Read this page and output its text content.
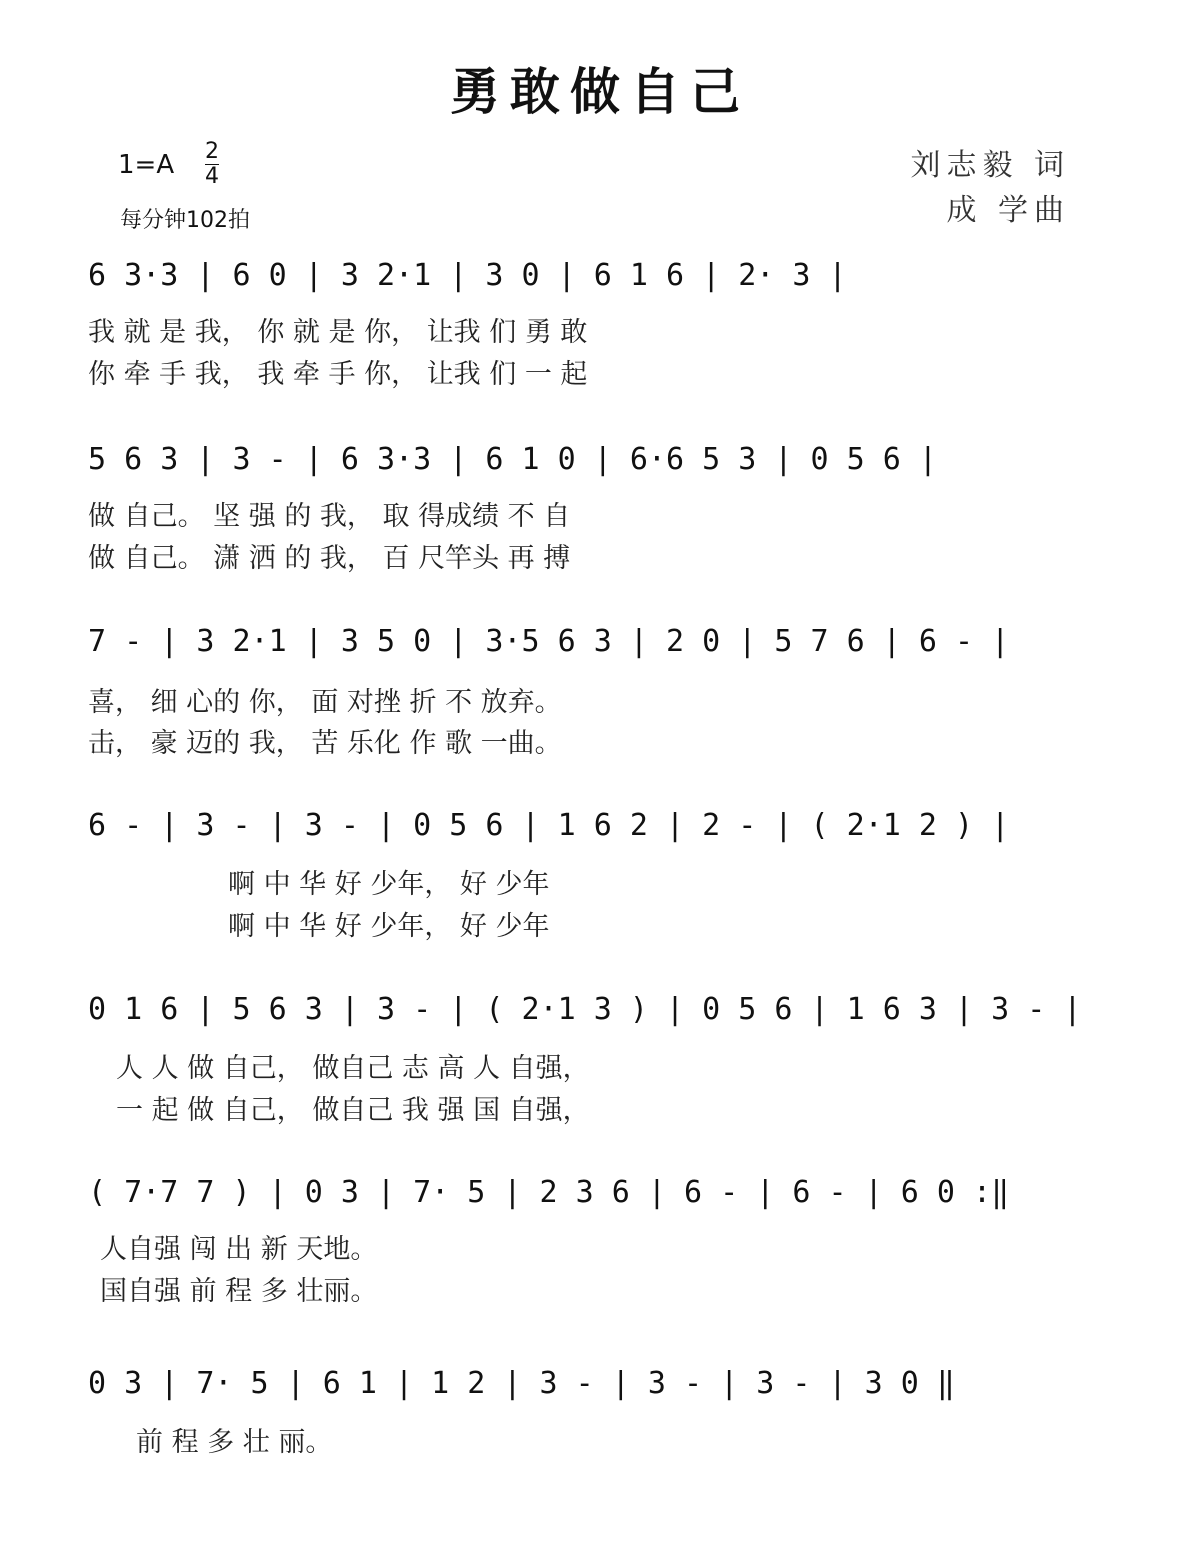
勇敢做自己
1=A 2
4
每分钟102拍
刘志毅 词
成 学曲
6 3·3 | 6 0 | 3 2·1 | 3 0 | 6 1 6 | 2· 3 |
我 就 是 我， 你 就 是 你， 让我 们 勇 敢
你 牵 手 我， 我 牵 手 你， 让我 们 一 起
5 6 3 | 3 - | 6 3·3 | 6 1 0 | 6·6 5 3 | 0 5 6 |
做 自己。 坚 强 的 我， 取 得成绩 不 自
做 自己。 潇 洒 的 我， 百 尺竿头 再 搏
7 - | 3 2·1 | 3 5 0 | 3·5 6 3 | 2 0 | 5 7 6 | 6 - |
喜， 细 心的 你， 面 对挫 折 不 放弃。
击， 豪 迈的 我， 苦 乐化 作 歌 一曲。
6 - | 3 - | 3 - | 0 5 6 | 1 6 2 | 2 - | ( 2·1 2 ) |
啊 中 华 好 少年， 好 少年
啊 中 华 好 少年， 好 少年
0 1 6 | 5 6 3 | 3 - | ( 2·1 3 ) | 0 5 6 | 1 6 3 | 3 - |
人 人 做 自己， 做自己 志 高 人 自强，
一 起 做 自己， 做自己 我 强 国 自强，
( 7·7 7 ) | 0 3 | 7· 5 | 2 3 6 | 6 - | 6 - | 6 0 :‖
人自强 闯 出 新 天地。
国自强 前 程 多 壮丽。
0 3 | 7· 5 | 6 1 | 1 2 | 3 - | 3 - | 3 - | 3 0 ‖
前 程 多 壮 丽。
